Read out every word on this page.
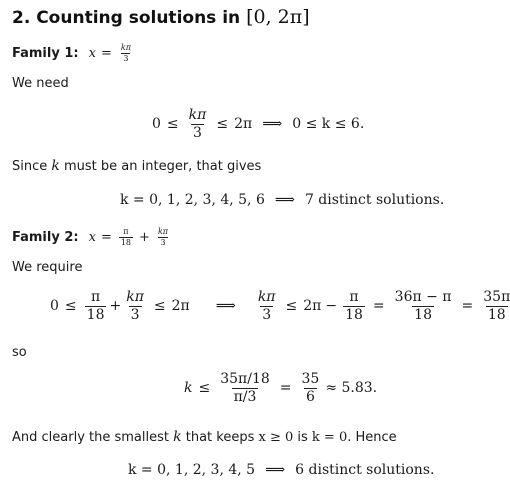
2. Counting solutions in [0, 2π]
Family 1: $x = \frac{k\pi}{3}$
We need
$0 \le \frac{k\pi}{3} \le 2\pi$ ⟹ 0 ≤ k ≤ 6.
Since k must be an integer, that gives
k = 0, 1, 2, 3, 4, 5, 6 ⟹ 7 distinct solutions.
Family 2: $x = \frac{\pi}{18} + \frac{k\pi}{3}$
We require
$0 \le \frac{\pi}{18} + \frac{k\pi}{3} \le 2\pi$ ⟹ $\frac{k\pi}{3} \le 2\pi - \frac{\pi}{18} = \frac{36\pi - \pi}{18} = \frac{35\pi}{18}$
so
$k \le \frac{35\pi/18}{\pi/3} = \frac{35}{6} \approx 5.83$.
And clearly the smallest k that keeps x ≥ 0 is k = 0. Hence
k = 0, 1, 2, 3, 4, 5 ⟹ 6 distinct solutions.
